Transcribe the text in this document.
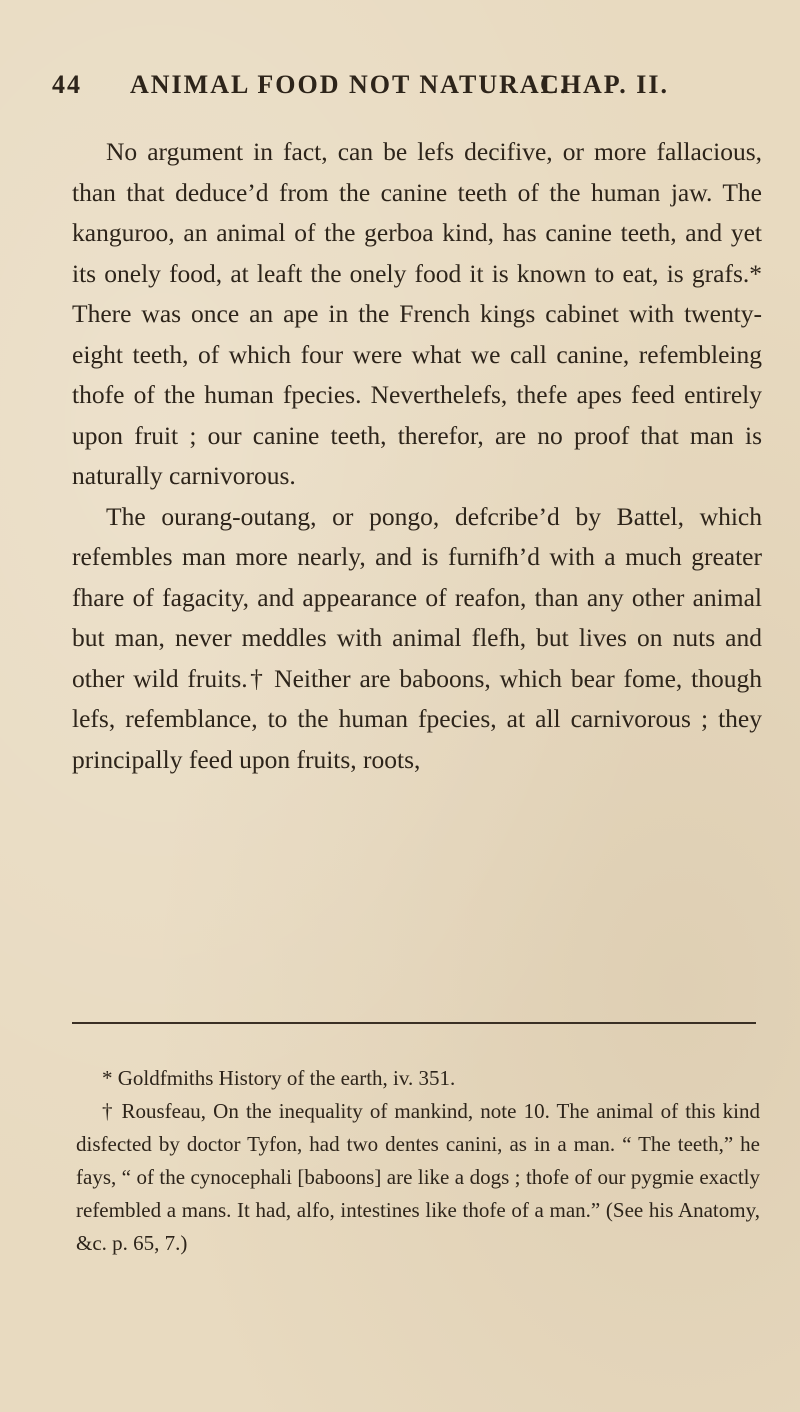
44 ANIMAL FOOD NOT NATURAL.
CHAP. II.

No argument in fact, can be lefs decifive, or more fallacious, than that deduce’d from the canine teeth of the human jaw. The kanguroo, an animal of the gerboa kind, has canine teeth, and yet its onely food, at leaft the onely food it is known to eat, is grafs.* There was once an ape in the French kings cabinet with twenty-eight teeth, of which four were what we call canine, refembleing thofe of the human fpecies. Neverthelefs, thefe apes feed entirely upon fruit ; our canine teeth, therefor, are no proof that man is naturally carnivorous.

The ourang-outang, or pongo, defcribe’d by Battel, which refembles man more nearly, and is furnifh’d with a much greater fhare of fagacity, and appearance of reafon, than any other animal but man, never meddles with animal flefh, but lives on nuts and other wild fruits.† Neither are baboons, which bear fome, though lefs, refemblance, to the human fpecies, at all carnivorous ; they principally feed upon fruits, roots,

* Goldfmiths History of the earth, iv. 351.

† Rousfeau, On the inequality of mankind, note 10. The animal of this kind disfected by doctor Tyfon, had two dentes canini, as in a man. “ The teeth,” he fays, “ of the cynocephali [baboons] are like a dogs ; thofe of our pygmie exactly refembled a mans. It had, alfo, intestines like thofe of a man.” (See his Anatomy, &c. p. 65, 7.)
